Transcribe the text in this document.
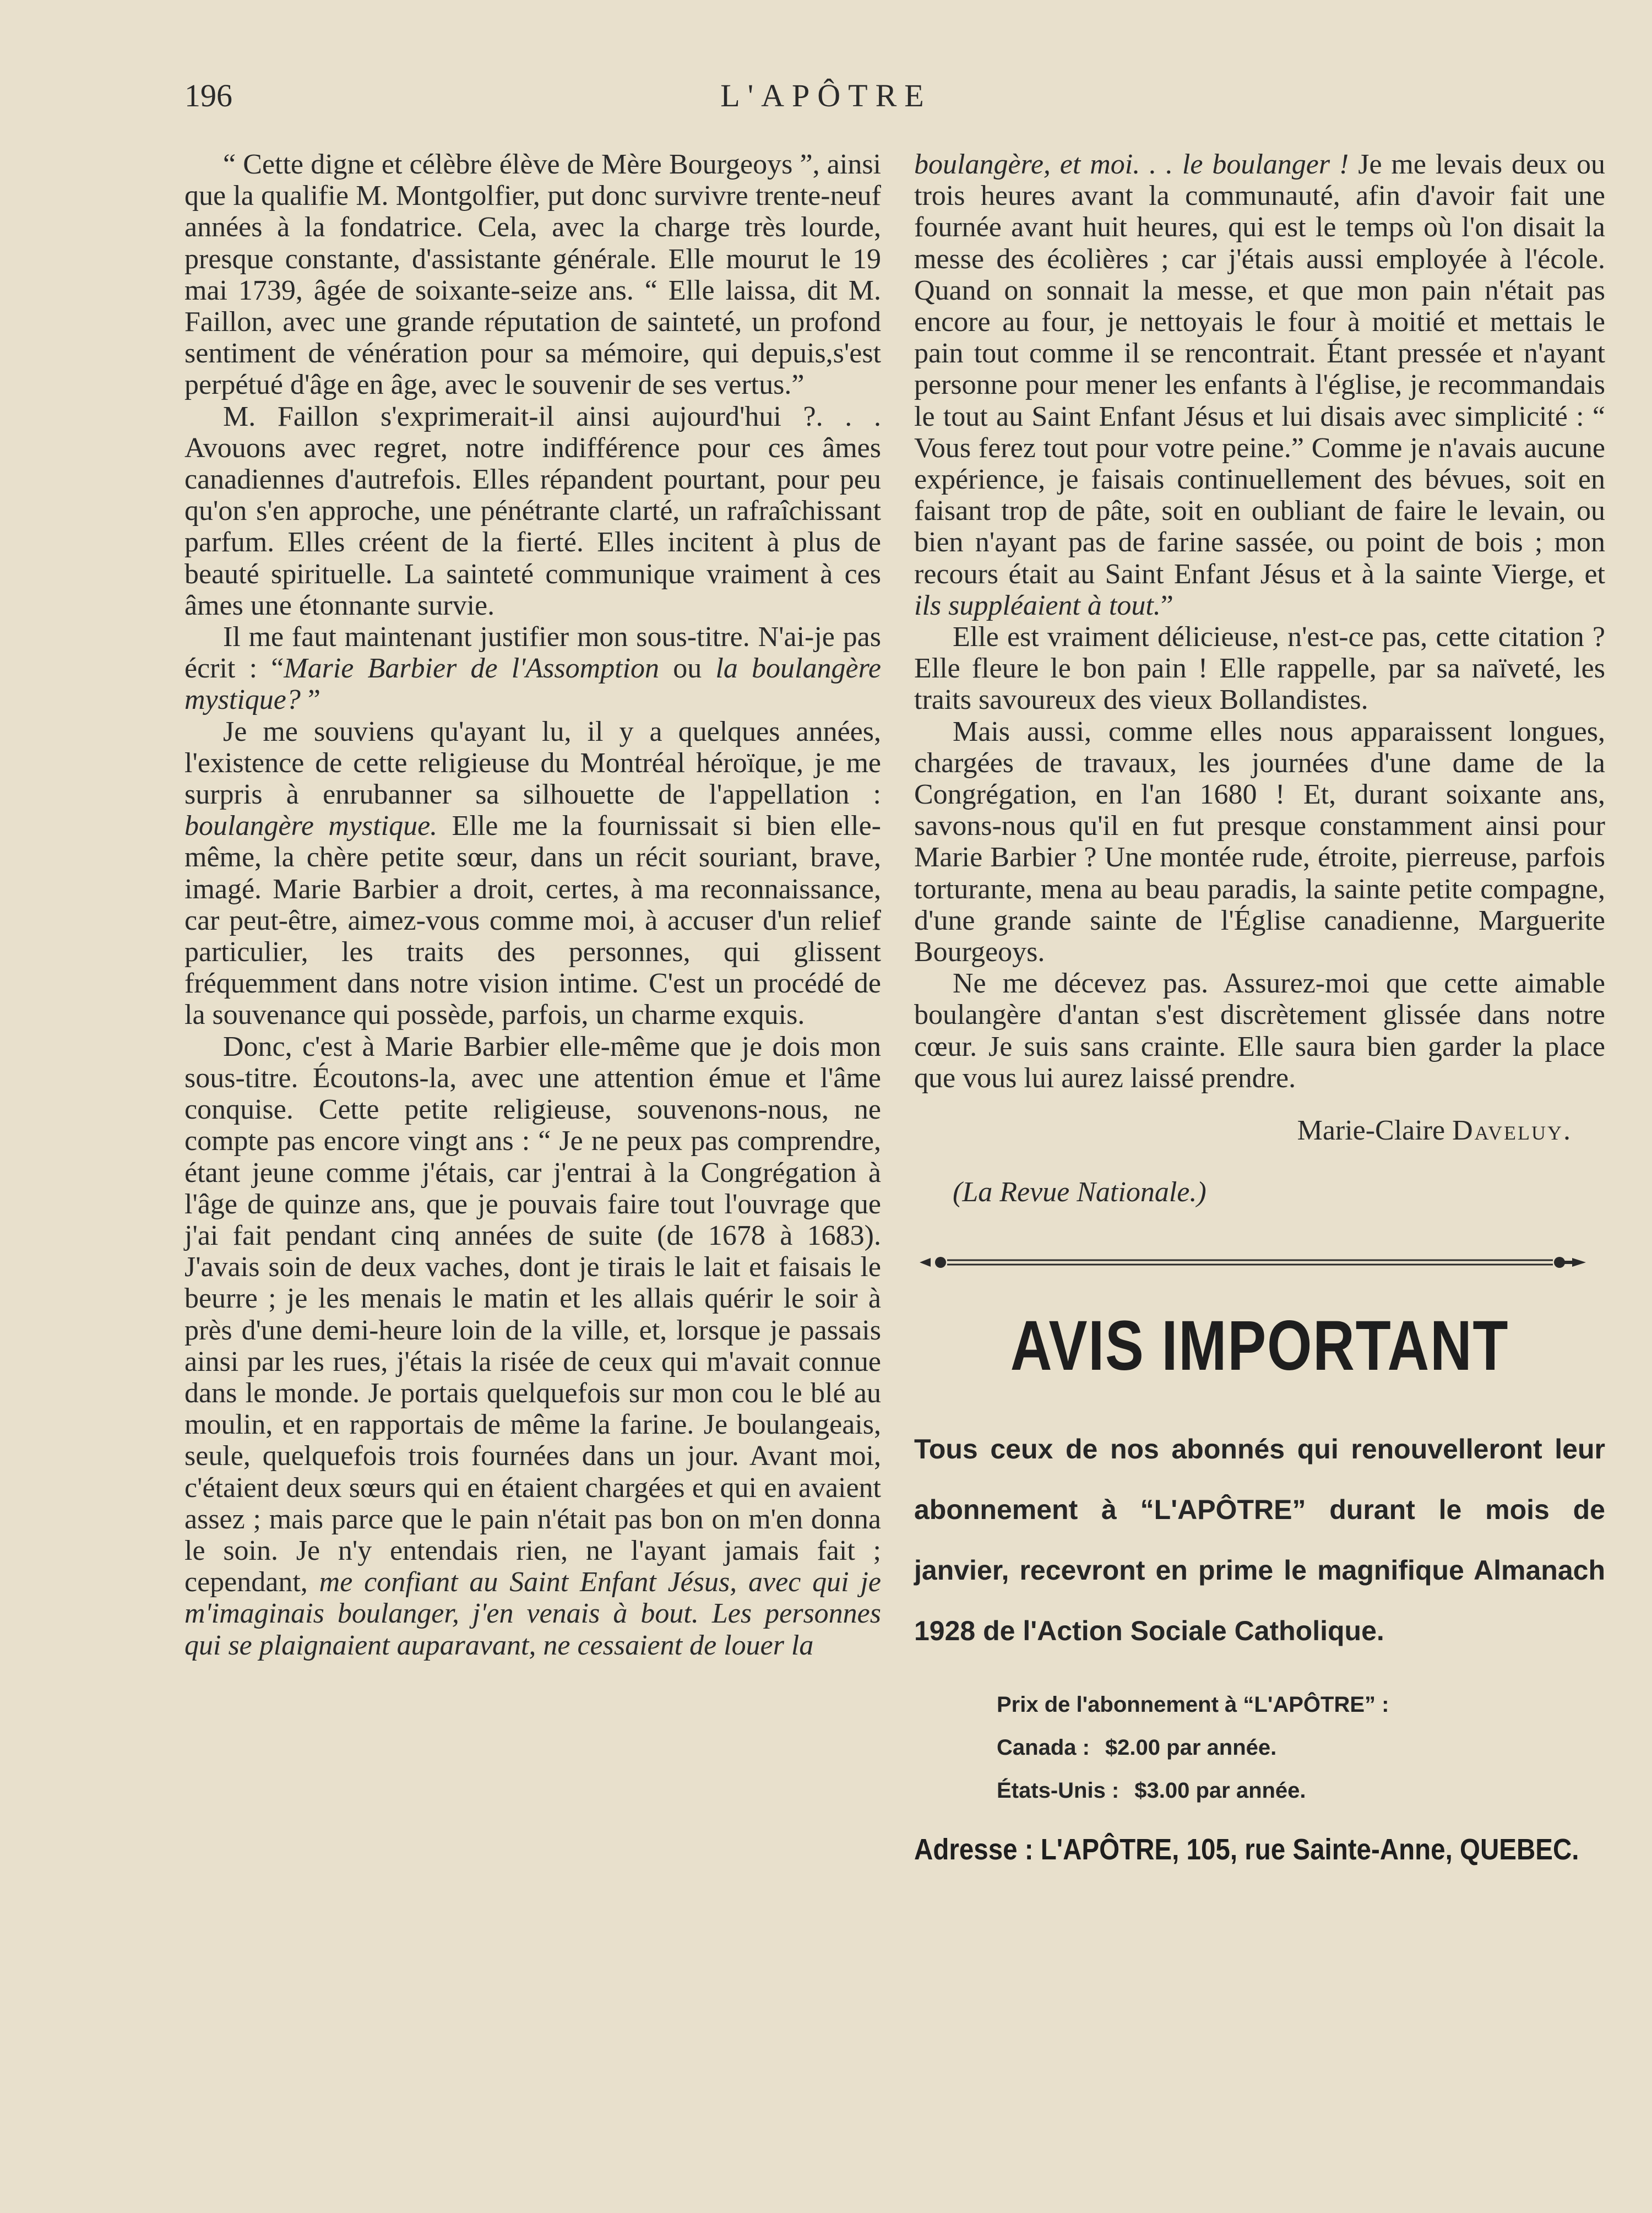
196	L'APÔTRE

“ Cette digne et célèbre élève de Mère Bourgeoys ”, ainsi que la qualifie M. Montgolfier, put donc survivre trente-neuf années à la fondatrice. Cela, avec la charge très lourde, presque constante, d'assistante générale. Elle mourut le 19 mai 1739, âgée de soixante-seize ans. “ Elle laissa, dit M. Faillon, avec une grande réputation de sainteté, un profond sentiment de vénération pour sa mémoire, qui depuis,s'est perpétué d'âge en âge, avec le souvenir de ses vertus.”

M. Faillon s'exprimerait-il ainsi aujourd'hui ?. . . Avouons avec regret, notre indifférence pour ces âmes canadiennes d'autrefois. Elles répandent pourtant, pour peu qu'on s'en approche, une pénétrante clarté, un rafraîchissant parfum. Elles créent de la fierté. Elles incitent à plus de beauté spirituelle. La sainteté communique vraiment à ces âmes une étonnante survie.

Il me faut maintenant justifier mon sous-titre. N'ai-je pas écrit : “Marie Barbier de l'Assomption ou la boulangère mystique? ”

Je me souviens qu'ayant lu, il y a quelques années, l'existence de cette religieuse du Montréal héroïque, je me surpris à enrubanner sa silhouette de l'appellation : boulangère mystique. Elle me la fournissait si bien elle-même, la chère petite sœur, dans un récit souriant, brave, imagé. Marie Barbier a droit, certes, à ma reconnaissance, car peut-être, aimez-vous comme moi, à accuser d'un relief particulier, les traits des personnes, qui glissent fréquemment dans notre vision intime. C'est un procédé de la souvenance qui possède, parfois, un charme exquis.

Donc, c'est à Marie Barbier elle-même que je dois mon sous-titre. Écoutons-la, avec une attention émue et l'âme conquise. Cette petite religieuse, souvenons-nous, ne compte pas encore vingt ans : “ Je ne peux pas comprendre, étant jeune comme j'étais, car j'entrai à la Congrégation à l'âge de quinze ans, que je pouvais faire tout l'ouvrage que j'ai fait pendant cinq années de suite (de 1678 à 1683). J'avais soin de deux vaches, dont je tirais le lait et faisais le beurre ; je les menais le matin et les allais quérir le soir à près d'une demi-heure loin de la ville, et, lorsque je passais ainsi par les rues, j'étais la risée de ceux qui m'avait connue dans le monde. Je portais quelquefois sur mon cou le blé au moulin, et en rapportais de même la farine. Je boulangeais, seule, quelquefois trois fournées dans un jour. Avant moi, c'étaient deux sœurs qui en étaient chargées et qui en avaient assez ; mais parce que le pain n'était pas bon on m'en donna le soin. Je n'y entendais rien, ne l'ayant jamais fait ; cependant, me confiant au Saint Enfant Jésus, avec qui je m'imaginais boulanger, j'en venais à bout. Les personnes qui se plaignaient auparavant, ne cessaient de louer la

boulangère, et moi. . . le boulanger ! Je me levais deux ou trois heures avant la communauté, afin d'avoir fait une fournée avant huit heures, qui est le temps où l'on disait la messe des écolières ; car j'étais aussi employée à l'école. Quand on sonnait la messe, et que mon pain n'était pas encore au four, je nettoyais le four à moitié et mettais le pain tout comme il se rencontrait. Étant pressée et n'ayant personne pour mener les enfants à l'église, je recommandais le tout au Saint Enfant Jésus et lui disais avec simplicité : “ Vous ferez tout pour votre peine.” Comme je n'avais aucune expérience, je faisais continuellement des bévues, soit en faisant trop de pâte, soit en oubliant de faire le levain, ou bien n'ayant pas de farine sassée, ou point de bois ; mon recours était au Saint Enfant Jésus et à la sainte Vierge, et ils suppléaient à tout.”

Elle est vraiment délicieuse, n'est-ce pas, cette citation ? Elle fleure le bon pain ! Elle rappelle, par sa naïveté, les traits savoureux des vieux Bollandistes.

Mais aussi, comme elles nous apparaissent longues, chargées de travaux, les journées d'une dame de la Congrégation, en l'an 1680 ! Et, durant soixante ans, savons-nous qu'il en fut presque constamment ainsi pour Marie Barbier ? Une montée rude, étroite, pierreuse, parfois torturante, mena au beau paradis, la sainte petite compagne, d'une grande sainte de l'Église canadienne, Marguerite Bourgeoys.

Ne me décevez pas. Assurez-moi que cette aimable boulangère d'antan s'est discrètement glissée dans notre cœur. Je suis sans crainte. Elle saura bien garder la place que vous lui aurez laissé prendre.

Marie-Claire Daveluy.
(La Revue Nationale.)
AVIS IMPORTANT
Tous ceux de nos abonnés qui renouvelleront leur abonnement à “L'APÔTRE” durant le mois de janvier, recevront en prime le magnifique Almanach 1928 de l'Action Sociale Catholique.
Prix de l'abonnement à “L'APÔTRE” :
Canada : $2.00 par année.
États-Unis : $3.00 par année.
Adresse : L'APÔTRE, 105, rue Sainte-Anne, QUEBEC.
